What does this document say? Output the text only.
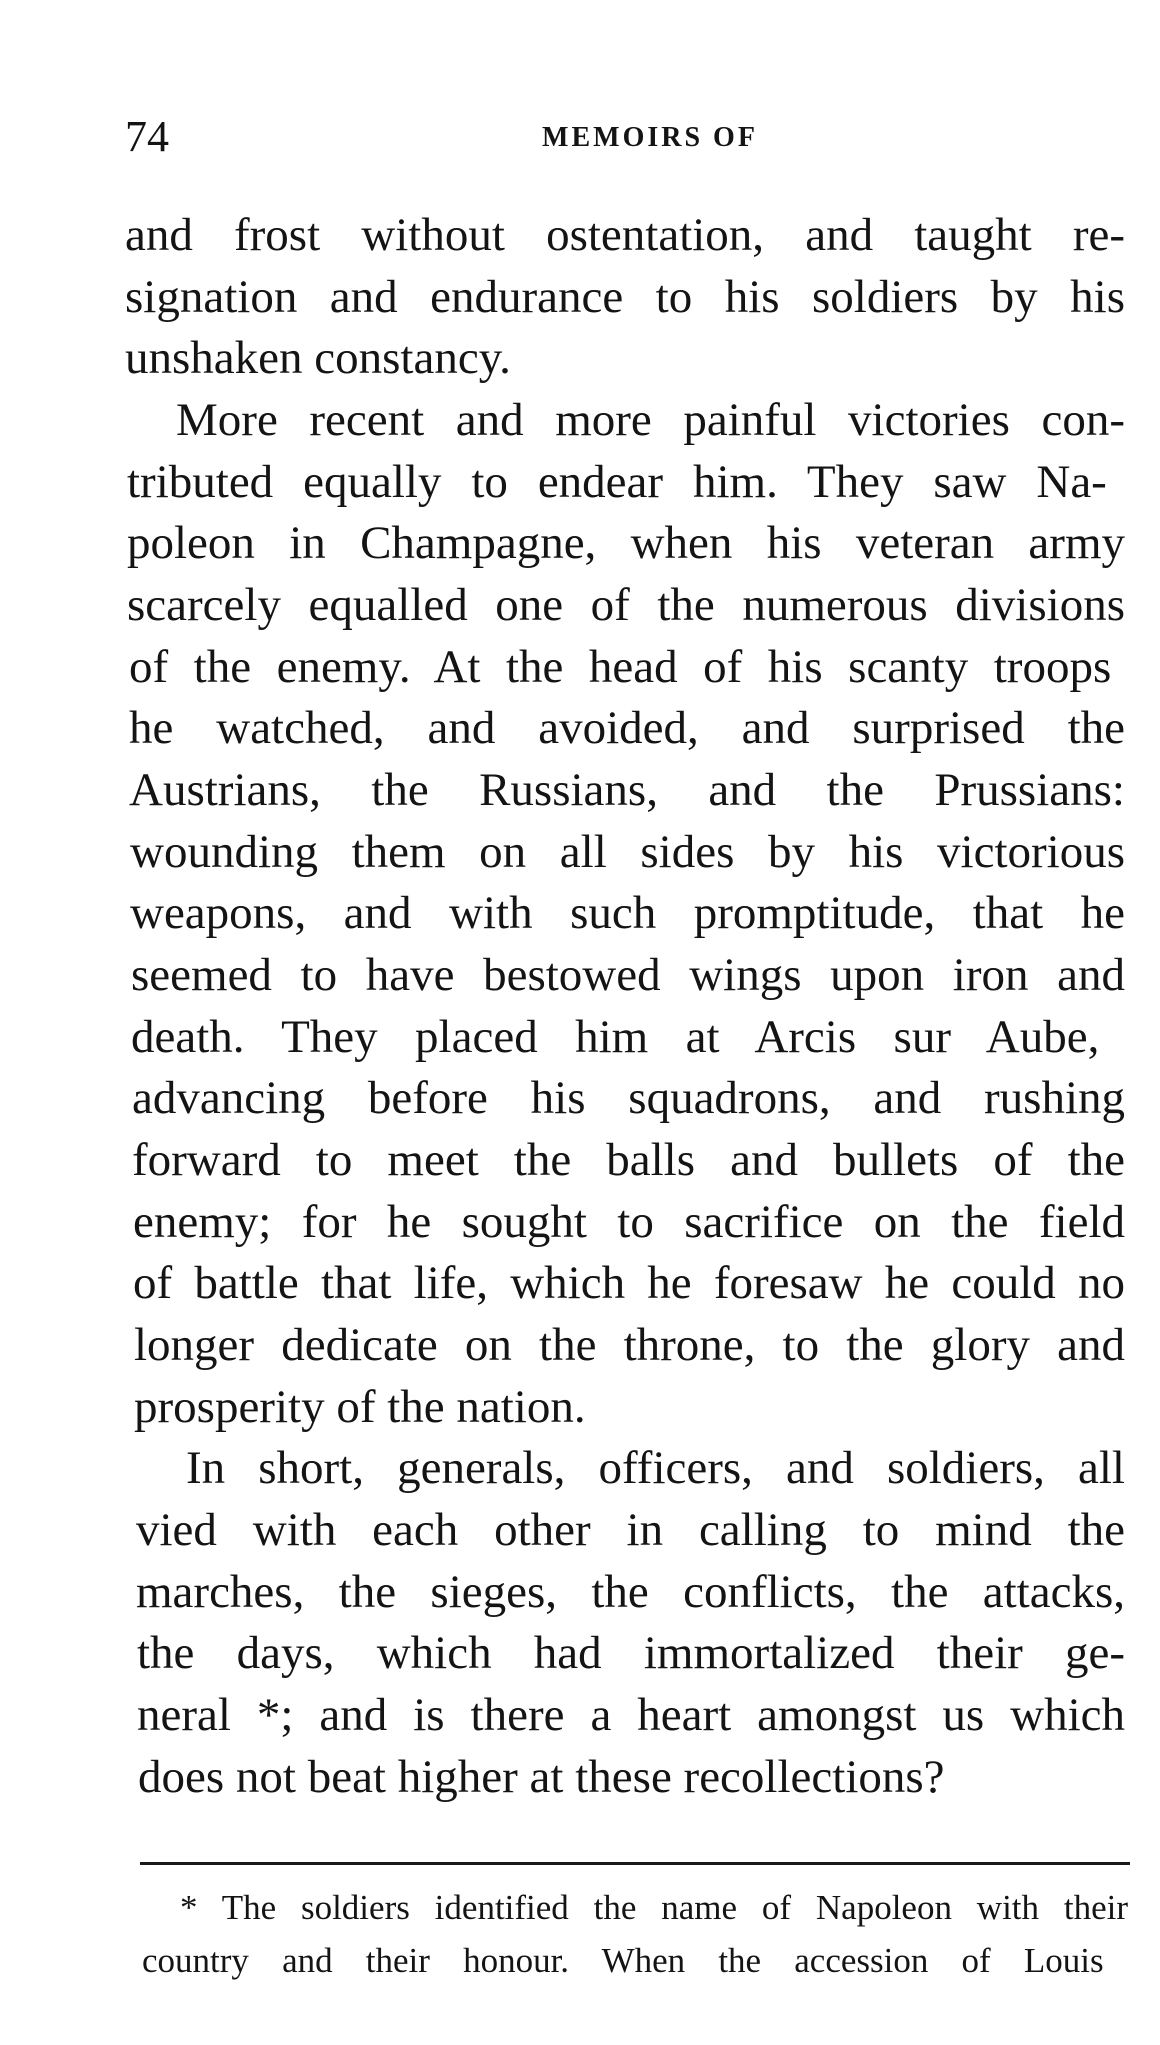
74	MEMOIRS OF
and frost without ostentation, and taught re-
signation and endurance to his soldiers by his
unshaken constancy.
More recent and more painful victories con-
tributed equally to endear him. They saw Na-
poleon in Champagne, when his veteran army
scarcely equalled one of the numerous divisions
of the enemy. At the head of his scanty troops
he watched, and avoided, and surprised the
Austrians, the Russians, and the Prussians:
wounding them on all sides by his victorious
weapons, and with such promptitude, that he
seemed to have bestowed wings upon iron and
death. They placed him at Arcis sur Aube,
advancing before his squadrons, and rushing
forward to meet the balls and bullets of the
enemy; for he sought to sacrifice on the field
of battle that life, which he foresaw he could no
longer dedicate on the throne, to the glory and
prosperity of the nation.
In short, generals, officers, and soldiers, all
vied with each other in calling to mind the
marches, the sieges, the conflicts, the attacks,
the days, which had immortalized their ge-
neral *; and is there a heart amongst us which
does not beat higher at these recollections?
* The soldiers identified the name of Napoleon with their
country and their honour. When the accession of Louis
